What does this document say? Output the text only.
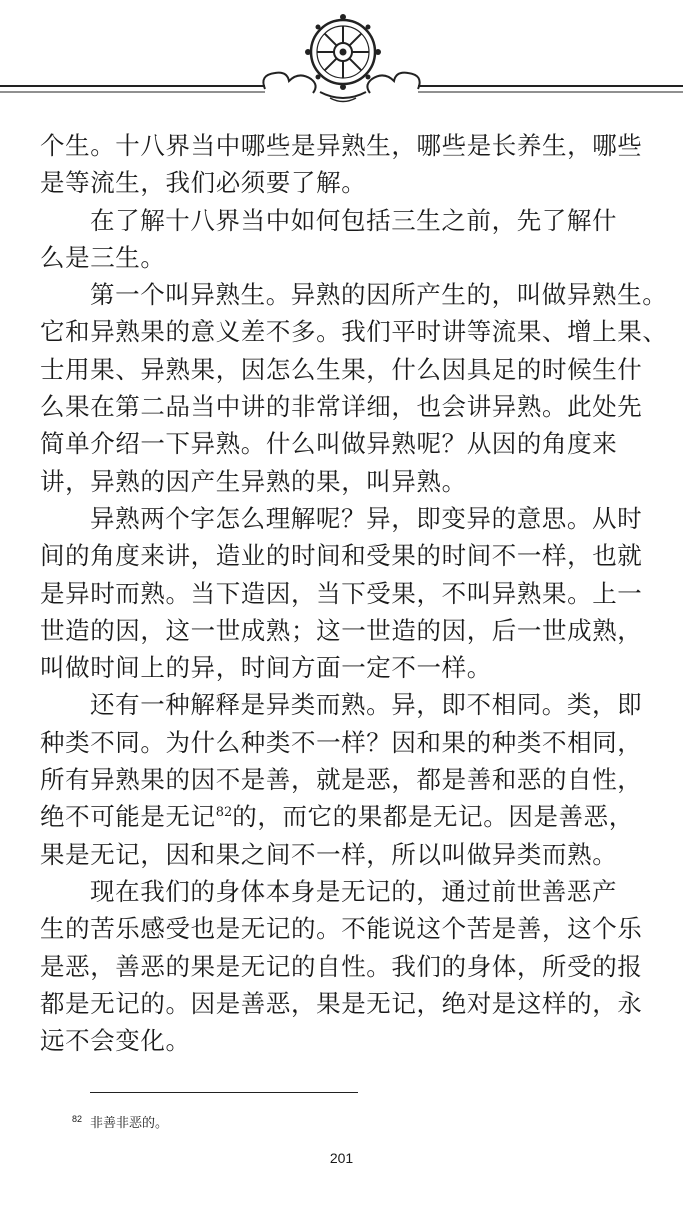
个生。十八界当中哪些是异熟生，哪些是长养生，哪些
是等流生，我们必须要了解。
在了解十八界当中如何包括三生之前，先了解什
么是三生。
第一个叫异熟生。异熟的因所产生的，叫做异熟生。
它和异熟果的意义差不多。我们平时讲等流果、增上果、
士用果、异熟果，因怎么生果，什么因具足的时候生什
么果在第二品当中讲的非常详细，也会讲异熟。此处先
简单介绍一下异熟。什么叫做异熟呢？从因的角度来
讲，异熟的因产生异熟的果，叫异熟。
异熟两个字怎么理解呢？异，即变异的意思。从时
间的角度来讲，造业的时间和受果的时间不一样，也就
是异时而熟。当下造因，当下受果，不叫异熟果。上一
世造的因，这一世成熟；这一世造的因，后一世成熟，
叫做时间上的异，时间方面一定不一样。
还有一种解释是异类而熟。异，即不相同。类，即
种类不同。为什么种类不一样？因和果的种类不相同，
所有异熟果的因不是善，就是恶，都是善和恶的自性，
绝不可能是无记$^{82}$的，而它的果都是无记。因是善恶，
果是无记，因和果之间不一样，所以叫做异类而熟。
现在我们的身体本身是无记的，通过前世善恶产
生的苦乐感受也是无记的。不能说这个苦是善，这个乐
是恶，善恶的果是无记的自性。我们的身体，所受的报
都是无记的。因是善恶，果是无记，绝对是这样的，永
远不会变化。
$^{82}$ 非善非恶的。
201
